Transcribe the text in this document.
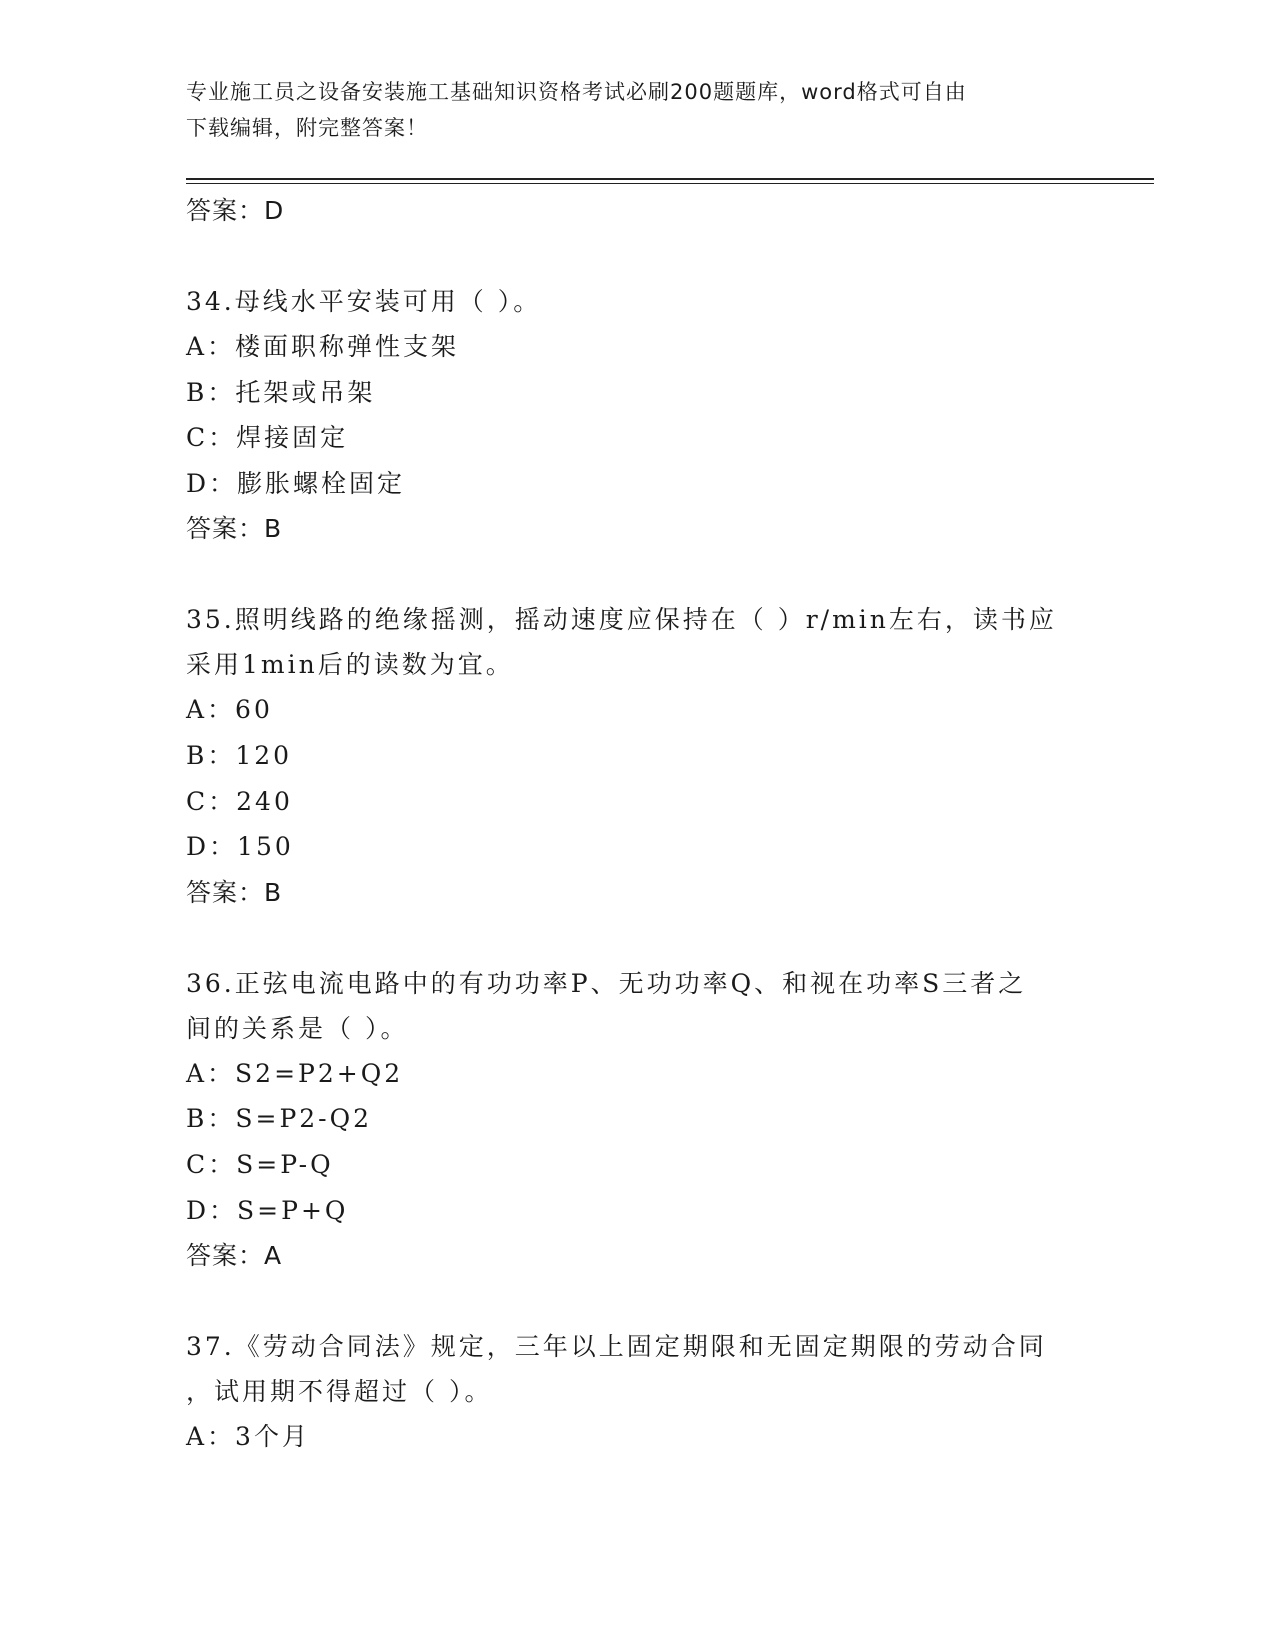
专业施工员之设备安装施工基础知识资格考试必刷200题题库，word格式可自由
下载编辑，附完整答案！
答案：D
34.母线水平安装可用（ ）。
A：楼面职称弹性支架
B：托架或吊架
C：焊接固定
D：膨胀螺栓固定
答案：B
35.照明线路的绝缘摇测，摇动速度应保持在（ ）r/min左右，读书应
采用1min后的读数为宜。
A：60
B：120
C：240
D：150
答案：B
36.正弦电流电路中的有功功率P、无功功率Q、和视在功率S三者之
间的关系是（ ）。
A：S2=P2+Q2
B：S=P2-Q2
C：S=P-Q
D：S=P+Q
答案：A
37.《劳动合同法》规定，三年以上固定期限和无固定期限的劳动合同
，试用期不得超过（ ）。
A：3个月
